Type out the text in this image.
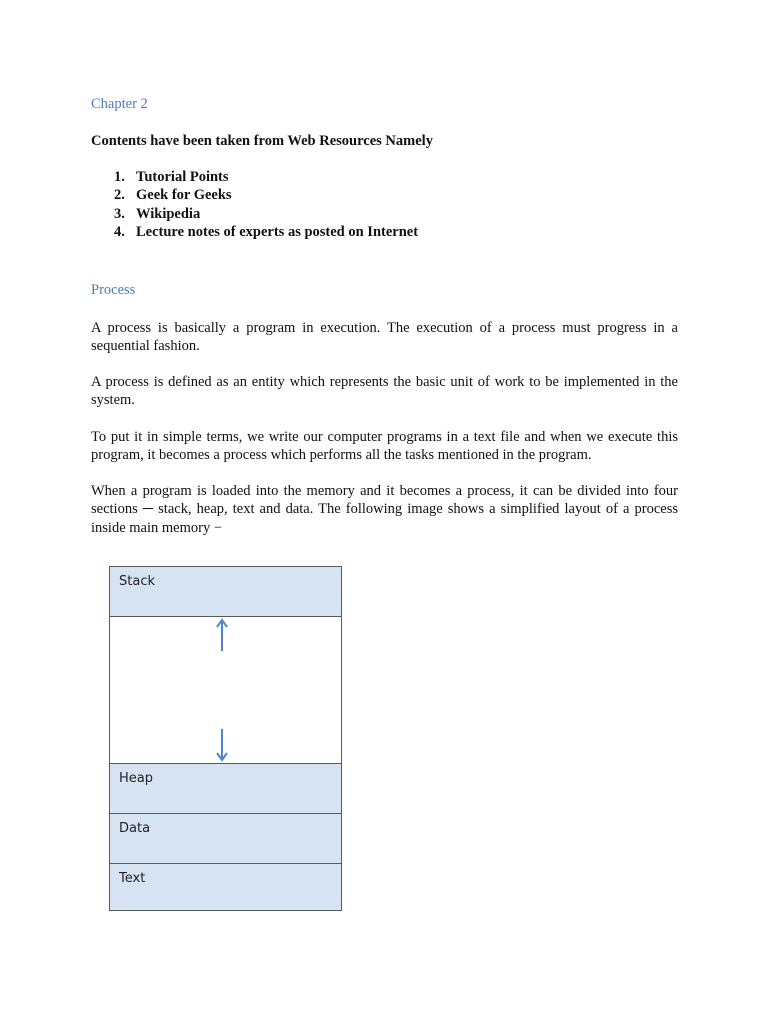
Chapter 2

Contents have been taken from Web Resources Namely

1. Tutorial Points
2. Geek for Geeks
3. Wikipedia
4. Lecture notes of experts as posted on Internet
Process

A process is basically a program in execution. The execution of a process must progress in a sequential fashion.

A process is defined as an entity which represents the basic unit of work to be implemented in the system.

To put it in simple terms, we write our computer programs in a text file and when we execute this program, it becomes a process which performs all the tasks mentioned in the program.

When a program is loaded into the memory and it becomes a process, it can be divided into four sections ─ stack, heap, text and data. The following image shows a simplified layout of a process inside main memory −

Stack
Heap
Data
Text
